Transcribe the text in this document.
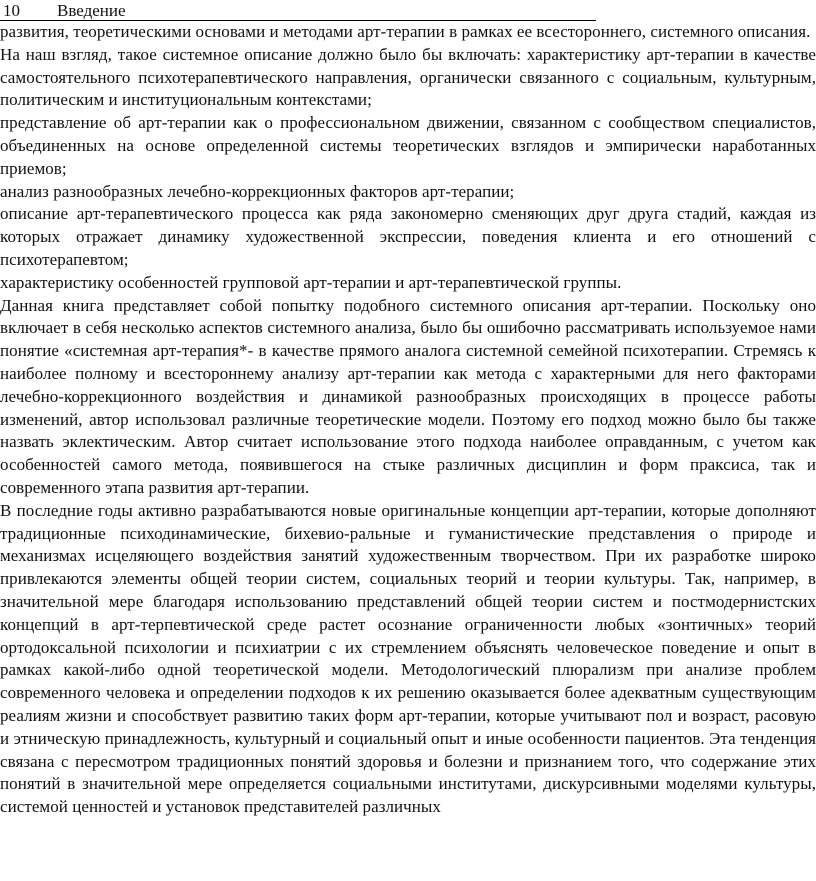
10 Введение

развития, теоретическими основами и методами арт-терапии в рамках ее всестороннего, системного описания.

На наш взгляд, такое системное описание должно было бы включать: характеристику арт-терапии в качестве самостоятельного психотерапевтического направления, органически связанного с социальным, культурным, политическим и институциональным контекстами;

представление об арт-терапии как о профессиональном движении, связанном с сообществом специалистов, объединенных на основе определенной системы теоретических взглядов и эмпирически наработанных приемов;

анализ разнообразных лечебно-коррекционных факторов арт-терапии;

описание арт-терапевтического процесса как ряда закономерно сменяющих друг друга стадий, каждая из которых отражает динамику художественной экспрессии, поведения клиента и его отношений с психотерапевтом;

характеристику особенностей групповой арт-терапии и арт-терапевтической группы.

Данная книга представляет собой попытку подобного системного описания арт-терапии. Поскольку оно включает в себя несколько аспектов системного анализа, было бы ошибочно рассматривать используемое нами понятие «системная арт-терапия*- в качестве прямого аналога системной семейной психотерапии. Стремясь к наиболее полному и всестороннему анализу арт-терапии как метода с характерными для него факторами лечебно-коррекционного воздействия и динамикой разнообразных происходящих в процессе работы изменений, автор использовал различные теоретические модели. Поэтому его подход можно было бы также назвать эклектическим. Автор считает использование этого подхода наиболее оправданным, с учетом как особенностей самого метода, появившегося на стыке различных дисциплин и форм праксиса, так и современного этапа развития арт-терапии.

В последние годы активно разрабатываются новые оригинальные концепции арт-терапии, которые дополняют традиционные психодинамические, бихевио-ральные и гуманистические представления о природе и механизмах исцеляющего воздействия занятий художественным творчеством. При их разработке широко привлекаются элементы общей теории систем, социальных теорий и теории культуры. Так, например, в значительной мере благодаря использованию представлений общей теории систем и постмодернистских концепций в арт-терпевтической среде растет осознание ограниченности любых «зонтичных» теорий ортодоксальной психологии и психиатрии с их стремлением объяснять человеческое поведение и опыт в рамках какой-либо одной теоретической модели. Методологический плюрализм при анализе проблем современного человека и определении подходов к их решению оказывается более адекватным существующим реалиям жизни и способствует развитию таких форм арт-терапии, которые учитывают пол и возраст, расовую и этническую принадлежность, культурный и социальный опыт и иные особенности пациентов. Эта тенденция связана с пересмотром традиционных понятий здоровья и болезни и признанием того, что содержание этих понятий в значительной мере определяется социальными институтами, дискурсивными моделями культуры, системой ценностей и установок представителей различных
